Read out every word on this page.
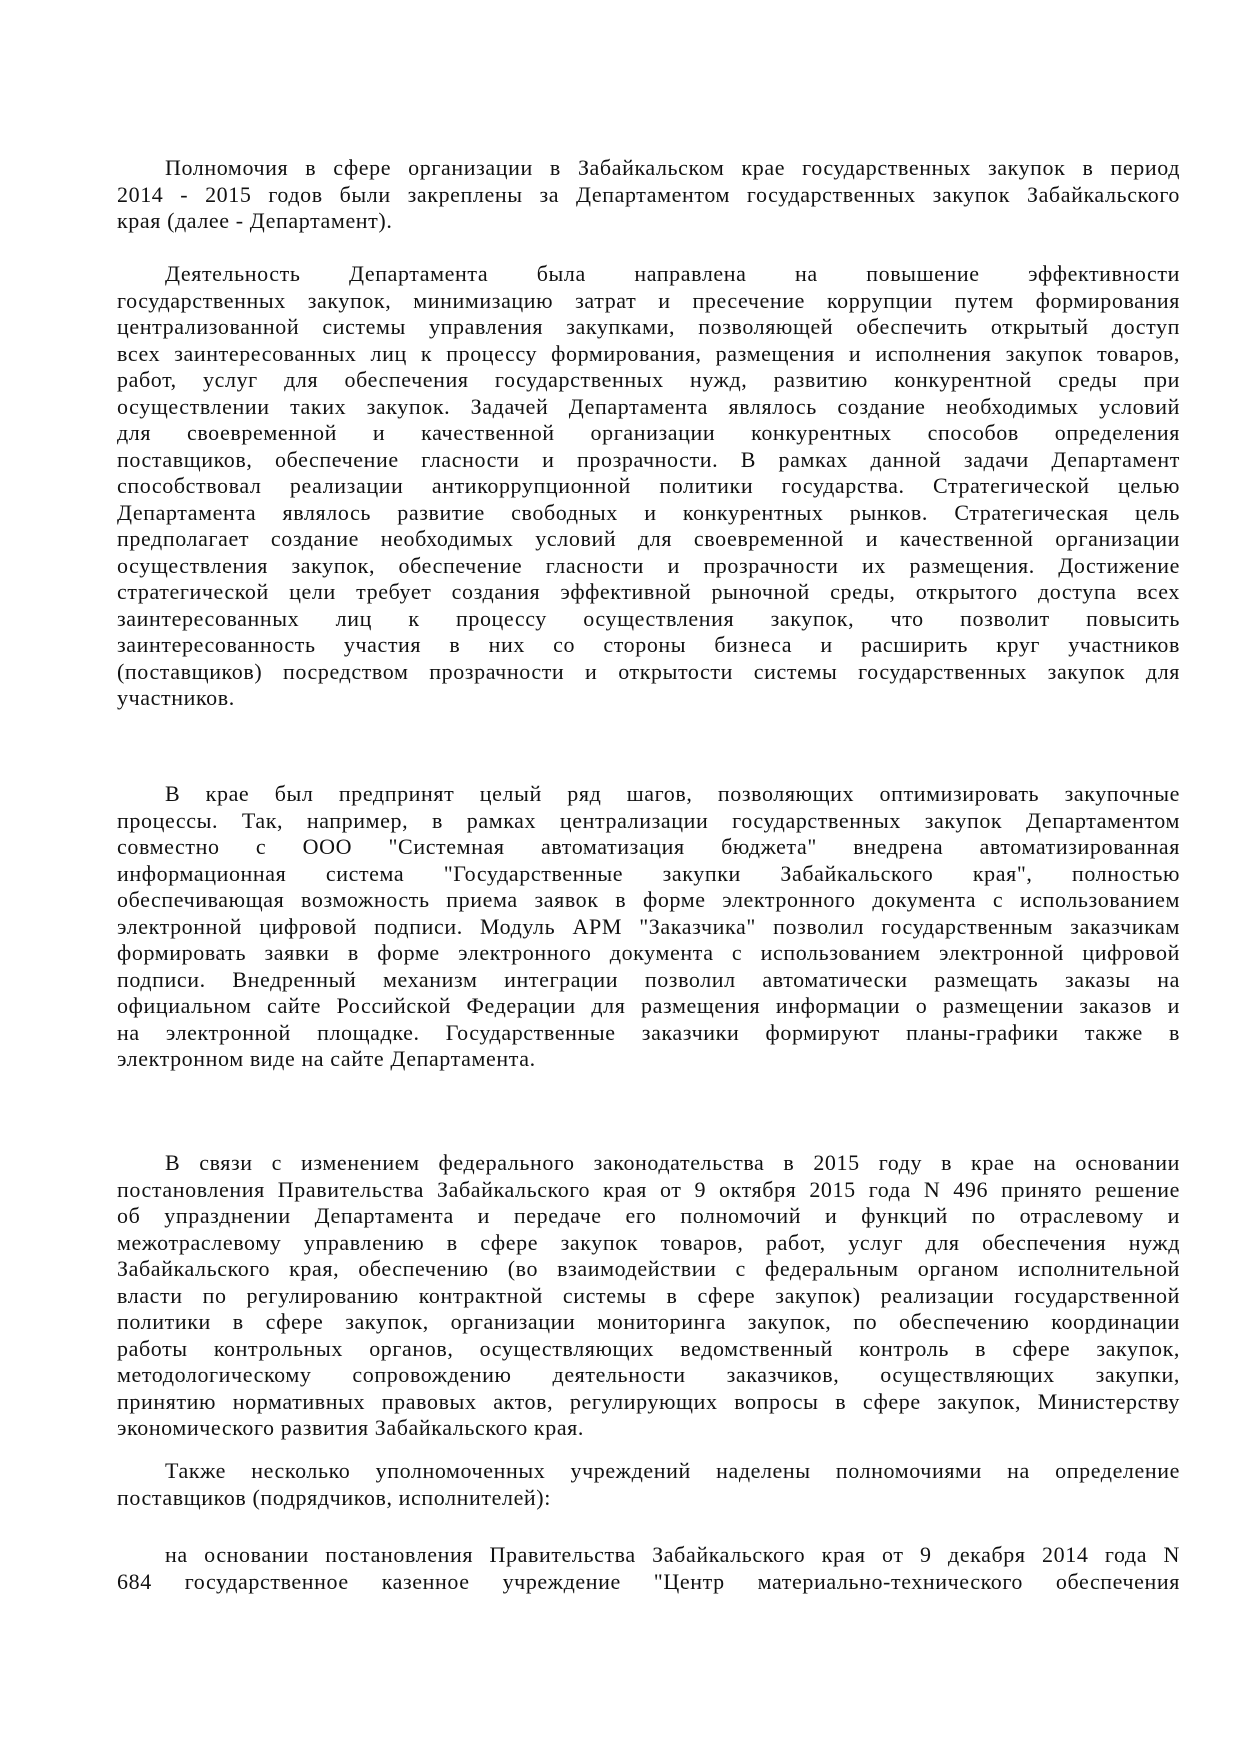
Полномочия в сфере организации в Забайкальском крае государственных закупок в период
2014 - 2015 годов были закреплены за Департаментом государственных закупок Забайкальского
края (далее - Департамент).
Деятельность Департамента была направлена на повышение эффективности
государственных закупок, минимизацию затрат и пресечение коррупции путем формирования
централизованной системы управления закупками, позволяющей обеспечить открытый доступ
всех заинтересованных лиц к процессу формирования, размещения и исполнения закупок товаров,
работ, услуг для обеспечения государственных нужд, развитию конкурентной среды при
осуществлении таких закупок. Задачей Департамента являлось создание необходимых условий
для своевременной и качественной организации конкурентных способов определения
поставщиков, обеспечение гласности и прозрачности. В рамках данной задачи Департамент
способствовал реализации антикоррупционной политики государства. Стратегической целью
Департамента являлось развитие свободных и конкурентных рынков. Стратегическая цель
предполагает создание необходимых условий для своевременной и качественной организации
осуществления закупок, обеспечение гласности и прозрачности их размещения. Достижение
стратегической цели требует создания эффективной рыночной среды, открытого доступа всех
заинтересованных лиц к процессу осуществления закупок, что позволит повысить
заинтересованность участия в них со стороны бизнеса и расширить круг участников
(поставщиков) посредством прозрачности и открытости системы государственных закупок для
участников.
В крае был предпринят целый ряд шагов, позволяющих оптимизировать закупочные
процессы. Так, например, в рамках централизации государственных закупок Департаментом
совместно с ООО "Системная автоматизация бюджета" внедрена автоматизированная
информационная система "Государственные закупки Забайкальского края", полностью
обеспечивающая возможность приема заявок в форме электронного документа с использованием
электронной цифровой подписи. Модуль АРМ "Заказчика" позволил государственным заказчикам
формировать заявки в форме электронного документа с использованием электронной цифровой
подписи. Внедренный механизм интеграции позволил автоматически размещать заказы на
официальном сайте Российской Федерации для размещения информации о размещении заказов и
на электронной площадке. Государственные заказчики формируют планы-графики также в
электронном виде на сайте Департамента.
В связи с изменением федерального законодательства в 2015 году в крае на основании
постановления Правительства Забайкальского края от 9 октября 2015 года N 496 принято решение
об упразднении Департамента и передаче его полномочий и функций по отраслевому и
межотраслевому управлению в сфере закупок товаров, работ, услуг для обеспечения нужд
Забайкальского края, обеспечению (во взаимодействии с федеральным органом исполнительной
власти по регулированию контрактной системы в сфере закупок) реализации государственной
политики в сфере закупок, организации мониторинга закупок, по обеспечению координации
работы контрольных органов, осуществляющих ведомственный контроль в сфере закупок,
методологическому сопровождению деятельности заказчиков, осуществляющих закупки,
принятию нормативных правовых актов, регулирующих вопросы в сфере закупок, Министерству
экономического развития Забайкальского края.
Также несколько уполномоченных учреждений наделены полномочиями на определение
поставщиков (подрядчиков, исполнителей):
на основании постановления Правительства Забайкальского края от 9 декабря 2014 года N
684 государственное казенное учреждение "Центр материально-технического обеспечения
